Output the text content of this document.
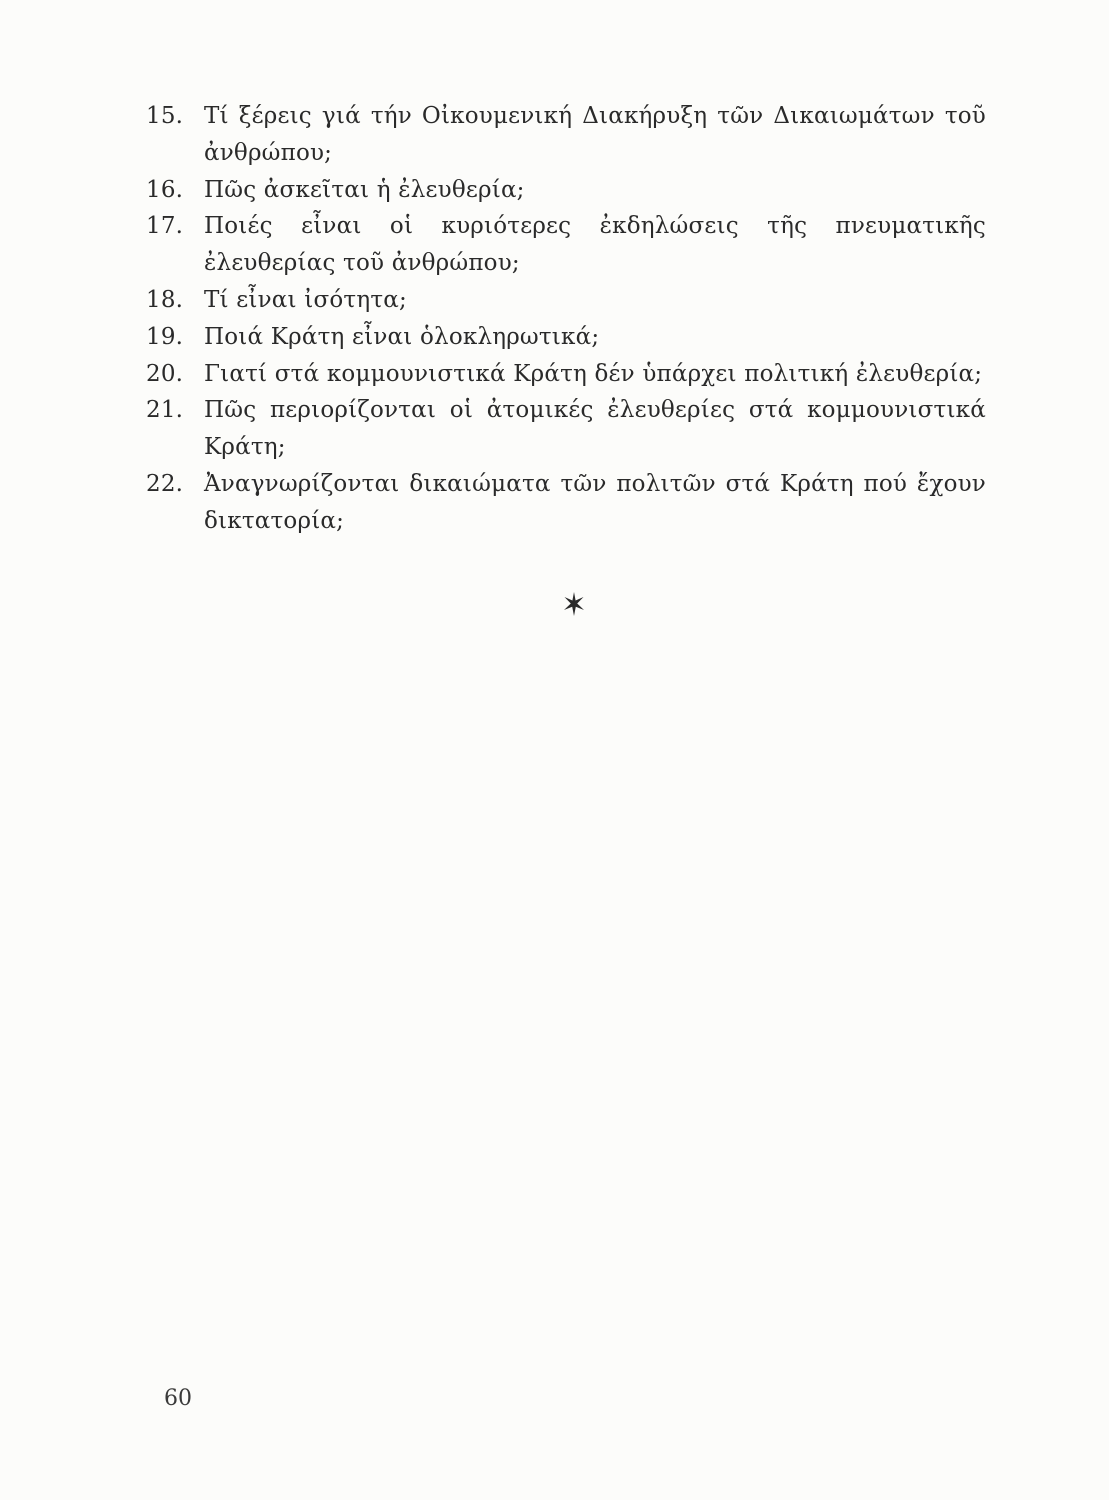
15. Τί ξέρεις γιά τήν Οἰκουμενική Διακήρυξη τῶν Δικαιωμάτων τοῦ ἀνθρώπου;
16. Πῶς ἀσκεῖται ἡ ἐλευθερία;
17. Ποιές εἶναι οἱ κυριότερες ἐκδηλώσεις τῆς πνευματικῆς ἐλευθερίας τοῦ ἀνθρώπου;
18. Τί εἶναι ἰσότητα;
19. Ποιά Κράτη εἶναι ὁλοκληρωτικά;
20. Γιατί στά κομμουνιστικά Κράτη δέν ὑπάρχει πολιτική ἐλευθερία;
21. Πῶς περιορίζονται οἱ ἀτομικές ἐλευθερίες στά κομμουνιστικά Κράτη;
22. Ἀναγνωρίζονται δικαιώματα τῶν πολιτῶν στά Κράτη πού ἔχουν δικτατορία;
60
